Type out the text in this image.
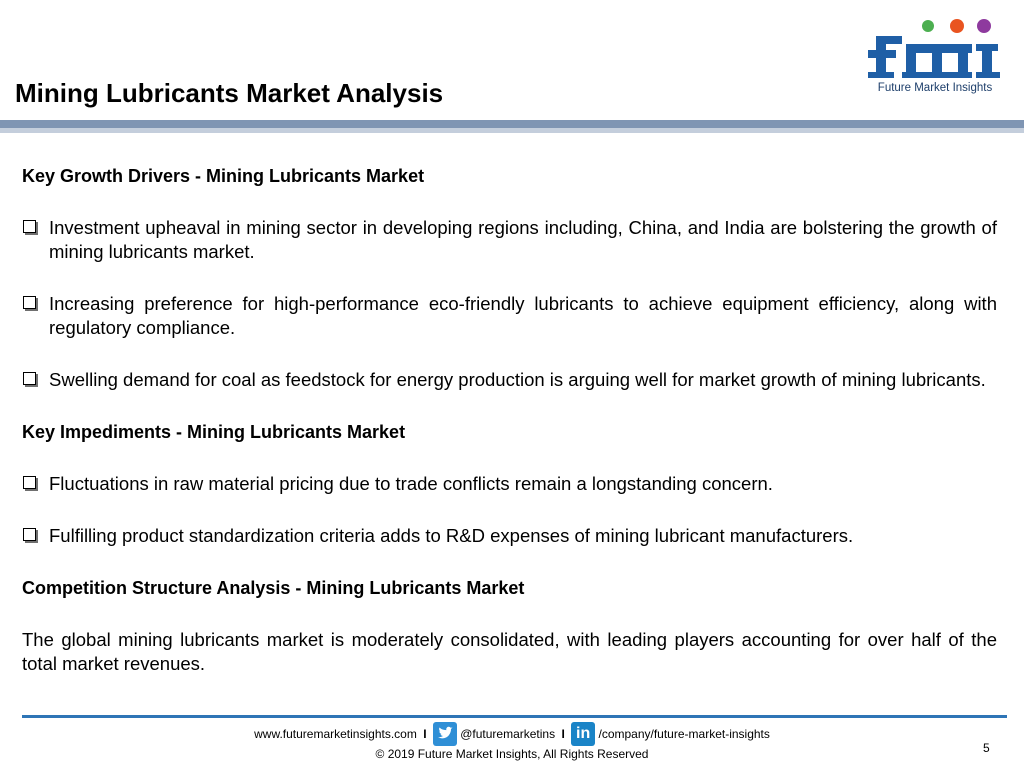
Mining Lubricants Market Analysis	Future Market Insights

Key Growth Drivers - Mining Lubricants Market

Investment upheaval in mining sector in developing regions including, China, and India are bolstering the growth of mining lubricants market.

Increasing preference for high-performance eco-friendly lubricants to achieve equipment efficiency, along with regulatory compliance.

Swelling demand for coal as feedstock for energy production is arguing well for market growth of mining lubricants.

Key Impediments - Mining Lubricants Market

Fluctuations in raw material pricing due to trade conflicts remain a longstanding concern.

Fulfilling product standardization criteria adds to R&D expenses of mining lubricant manufacturers.

Competition Structure Analysis - Mining Lubricants Market

The global mining lubricants market is moderately consolidated, with leading players accounting for over half of the total market revenues.

www.futuremarketinsights.com I	@futuremarketins I in /company/future-market-insights
5
© 2019 Future Market Insights, All Rights Reserved
